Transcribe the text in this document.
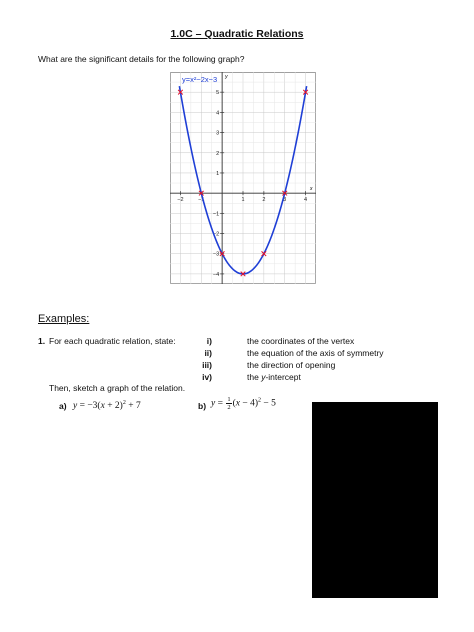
1.0C – Quadratic Relations
What are the significant details for the following graph?
−2	−1	1	2	3	4
5
4
3
2
1
−1
−2
−3
−4
y=x²−2x−3 y
x
Examples:
1. For each quadratic relation, state:	i)	the coordinates of the vertex
ii)	the equation of the axis of symmetry
iii)	the direction of opening
iv)	the y-intercept
Then, sketch a graph of the relation.
a) $y = -3(x + 2)^2 + 7$	b) $y = \frac{1}{2} (x - 4)^2 - 5$
